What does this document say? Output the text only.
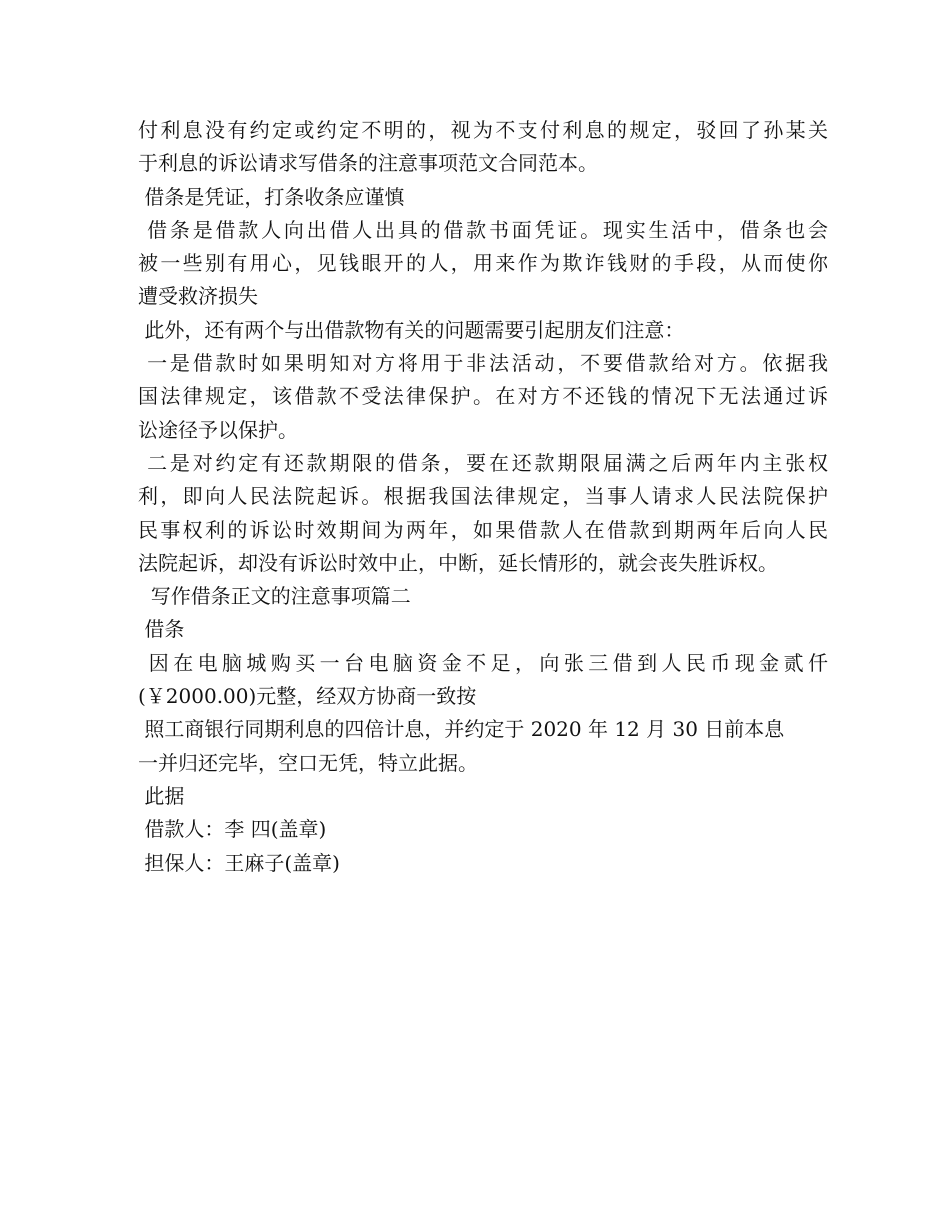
付利息没有约定或约定不明的，视为不支付利息的规定，驳回了孙某关
于利息的诉讼请求写借条的注意事项范文合同范本。
借条是凭证，打条收条应谨慎
借条是借款人向出借人出具的借款书面凭证。现实生活中，借条也会
被一些别有用心，见钱眼开的人，用来作为欺诈钱财的手段，从而使你
遭受救济损失
此外，还有两个与出借款物有关的问题需要引起朋友们注意：
一是借款时如果明知对方将用于非法活动，不要借款给对方。依据我
国法律规定，该借款不受法律保护。在对方不还钱的情况下无法通过诉
讼途径予以保护。
二是对约定有还款期限的借条，要在还款期限届满之后两年内主张权
利，即向人民法院起诉。根据我国法律规定，当事人请求人民法院保护
民事权利的诉讼时效期间为两年，如果借款人在借款到期两年后向人民
法院起诉，却没有诉讼时效中止，中断，延长情形的，就会丧失胜诉权。
写作借条正文的注意事项篇二
借条
因在电脑城购买一台电脑资金不足，向张三借到人民币现金贰仟
(￥2000.00)元整，经双方协商一致按
照工商银行同期利息的四倍计息，并约定于 2020 年 12 月 30 日前本息
一并归还完毕，空口无凭，特立此据。
此据
借款人：李 四(盖章)
担保人：王麻子(盖章)
